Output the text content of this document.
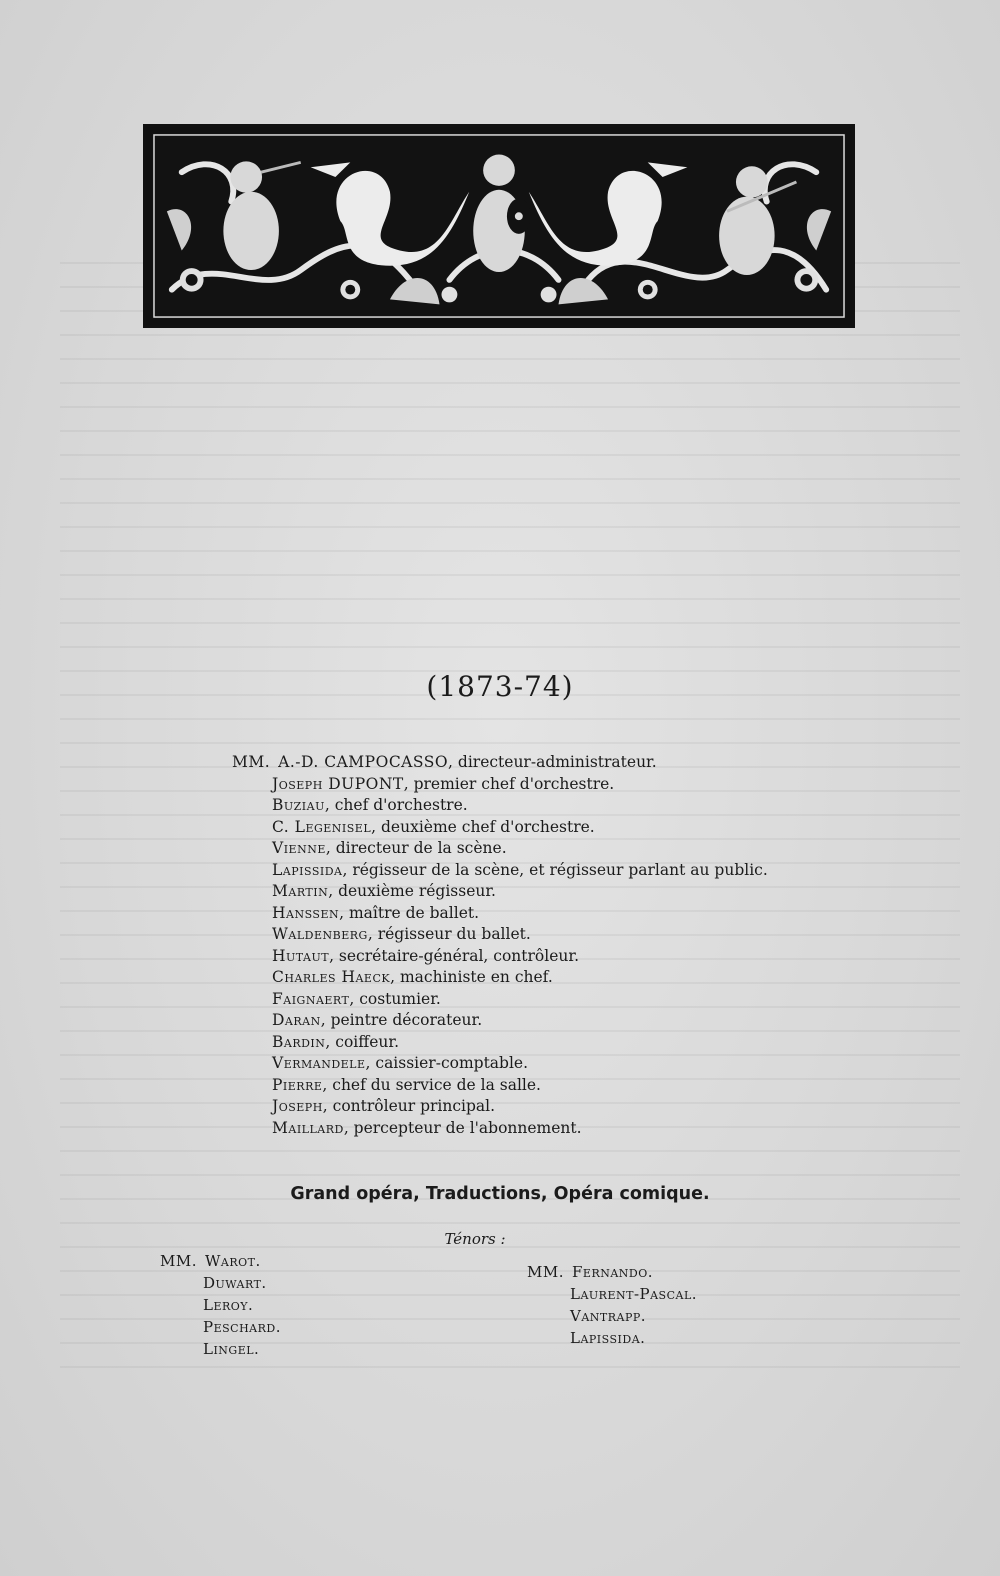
(1873-74)
MM. A.-D. CAMPOCASSO, directeur-administrateur.
Joseph DUPONT, premier chef d'orchestre.
Buziau, chef d'orchestre.
C. Legenisel, deuxième chef d'orchestre.
Vienne, directeur de la scène.
Lapissida, régisseur de la scène, et régisseur parlant au public.
Martin, deuxième régisseur.
Hanssen, maître de ballet.
Waldenberg, régisseur du ballet.
Hutaut, secrétaire-général, contrôleur.
Charles Haeck, machiniste en chef.
Faignaert, costumier.
Daran, peintre décorateur.
Bardin, coiffeur.
Vermandele, caissier-comptable.
Pierre, chef du service de la salle.
Joseph, contrôleur principal.
Maillard, percepteur de l'abonnement.
Grand opéra, Traductions, Opéra comique.
Ténors :
MM. Warot.
Duwart.
Leroy.
Peschard.
Lingel.
MM. Fernando.
Laurent-Pascal.
Vantrapp.
Lapissida.
